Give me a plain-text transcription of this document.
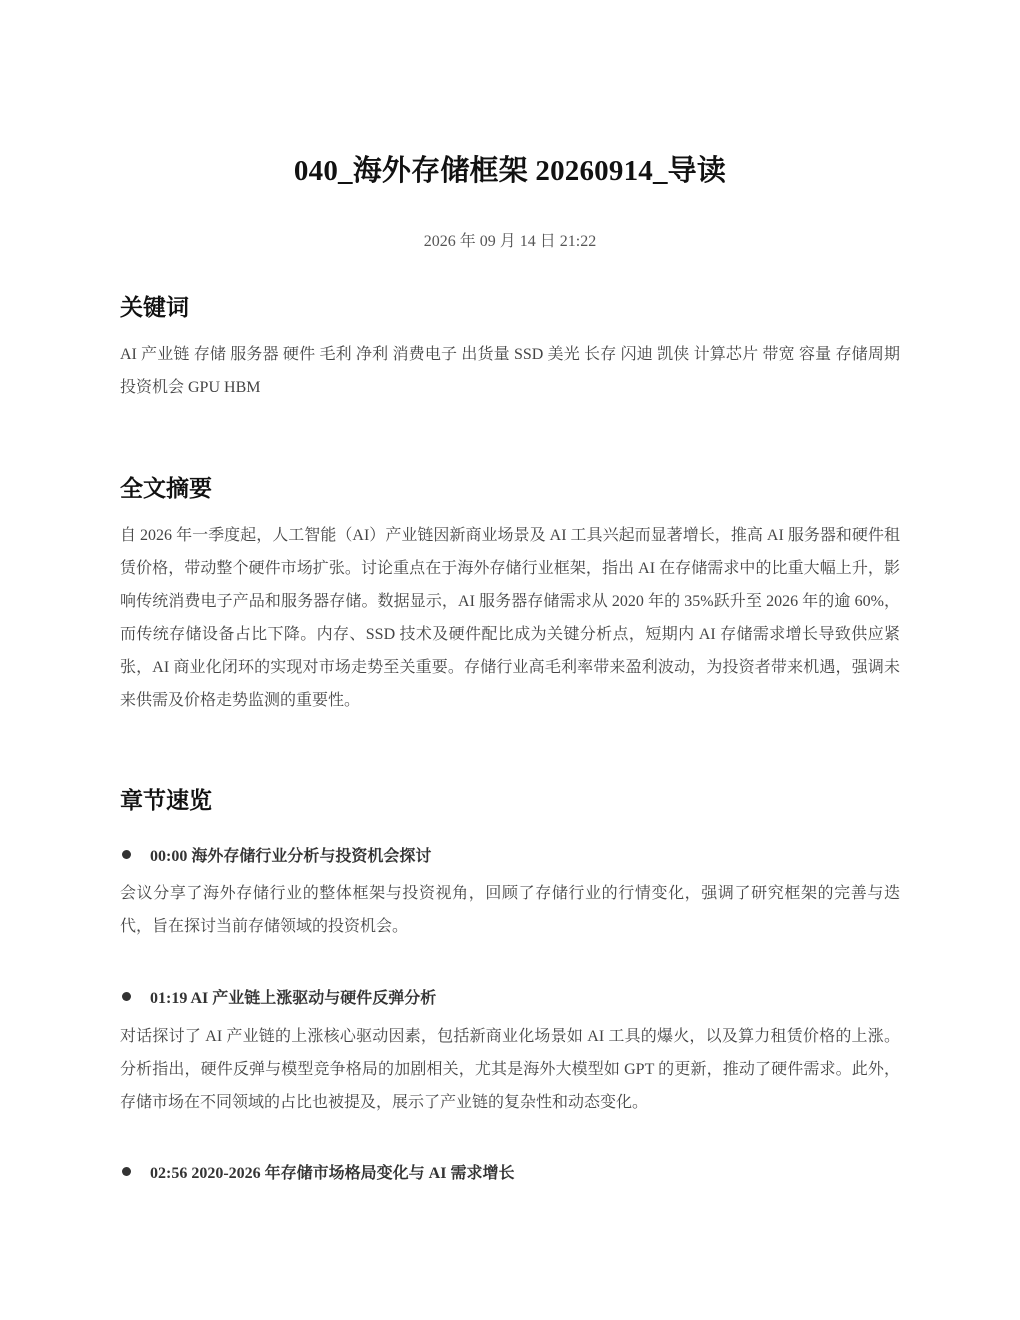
040_海外存储框架 20260914_导读
2026 年 09 月 14 日 21:22
关键词
AI 产业链 存储 服务器 硬件 毛利 净利 消费电子 出货量 SSD 美光 长存 闪迪 凯侠 计算芯片 带宽 容量 存储周期 投资机会 GPU HBM
全文摘要
自 2026 年一季度起，人工智能（AI）产业链因新商业场景及 AI 工具兴起而显著增长，推高 AI 服务器和硬件租赁价格，带动整个硬件市场扩张。讨论重点在于海外存储行业框架，指出 AI 在存储需求中的比重大幅上升，影响传统消费电子产品和服务器存储。数据显示，AI 服务器存储需求从 2020 年的 35%跃升至 2026 年的逾 60%，而传统存储设备占比下降。内存、SSD 技术及硬件配比成为关键分析点，短期内 AI 存储需求增长导致供应紧张，AI 商业化闭环的实现对市场走势至关重要。存储行业高毛利率带来盈利波动，为投资者带来机遇，强调未来供需及价格走势监测的重要性。
章节速览
00:00 海外存储行业分析与投资机会探讨
会议分享了海外存储行业的整体框架与投资视角，回顾了存储行业的行情变化，强调了研究框架的完善与迭代，旨在探讨当前存储领域的投资机会。
01:19 AI 产业链上涨驱动与硬件反弹分析
对话探讨了 AI 产业链的上涨核心驱动因素，包括新商业化场景如 AI 工具的爆火，以及算力租赁价格的上涨。分析指出，硬件反弹与模型竞争格局的加剧相关，尤其是海外大模型如 GPT 的更新，推动了硬件需求。此外，存储市场在不同领域的占比也被提及，展示了产业链的复杂性和动态变化。
02:56 2020-2026 年存储市场格局变化与 AI 需求增长
